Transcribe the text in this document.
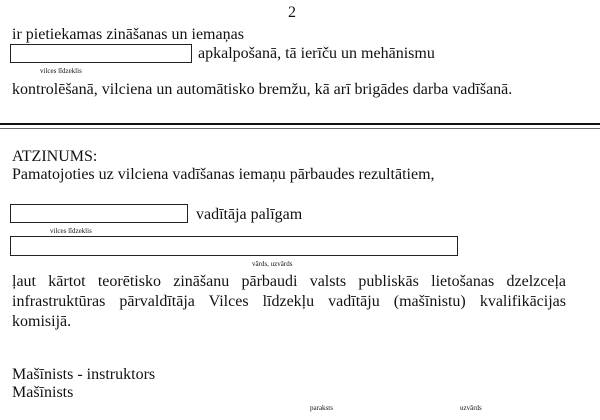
2
ir pietiekamas zināšanas un iemaņas
apkalpošanā, tā ierīču un mehānismu
vilces līdzeklis
kontrolēšanā, vilciena un automātisko bremžu, kā arī brigādes darba vadīšanā.
ATZINUMS:
Pamatojoties uz vilciena vadīšanas iemaņu pārbaudes rezultātiem,
vadītāja palīgam
vilces līdzeklis
vārds, uzvārds
ļaut kārtot teorētisko zināšanu pārbaudi valsts publiskās lietošanas dzelzceļa infrastruktūras pārvaldītāja Vilces līdzekļu vadītāju (mašīnistu) kvalifikācijas komisijā.
Mašīnists - instruktors
Mašīnists
paraksts	uzvārds
